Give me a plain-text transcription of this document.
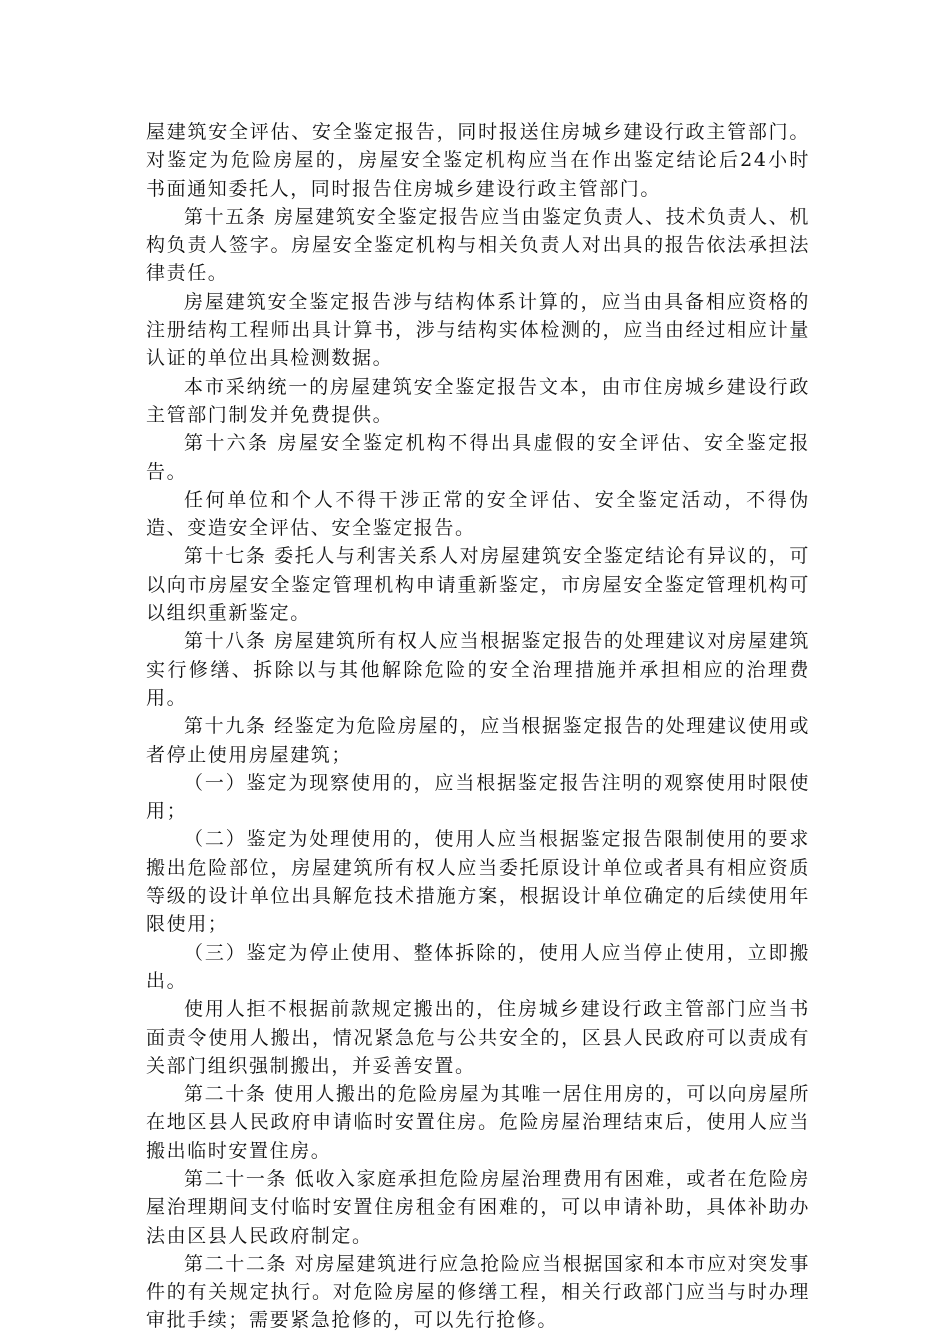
屋建筑安全评估、安全鉴定报告，同时报送住房城乡建设行政主管部门。对鉴定为危险房屋的，房屋安全鉴定机构应当在作出鉴定结论后24小时书面通知委托人，同时报告住房城乡建设行政主管部门。

第十五条 房屋建筑安全鉴定报告应当由鉴定负责人、技术负责人、机构负责人签字。房屋安全鉴定机构与相关负责人对出具的报告依法承担法律责任。

房屋建筑安全鉴定报告涉与结构体系计算的，应当由具备相应资格的注册结构工程师出具计算书，涉与结构实体检测的，应当由经过相应计量认证的单位出具检测数据。

本市采纳统一的房屋建筑安全鉴定报告文本，由市住房城乡建设行政主管部门制发并免费提供。

第十六条 房屋安全鉴定机构不得出具虚假的安全评估、安全鉴定报告。

任何单位和个人不得干涉正常的安全评估、安全鉴定活动，不得伪造、变造安全评估、安全鉴定报告。

第十七条 委托人与利害关系人对房屋建筑安全鉴定结论有异议的，可以向市房屋安全鉴定管理机构申请重新鉴定，市房屋安全鉴定管理机构可以组织重新鉴定。

第十八条 房屋建筑所有权人应当根据鉴定报告的处理建议对房屋建筑实行修缮、拆除以与其他解除危险的安全治理措施并承担相应的治理费用。

第十九条 经鉴定为危险房屋的，应当根据鉴定报告的处理建议使用或者停止使用房屋建筑；

（一）鉴定为现察使用的，应当根据鉴定报告注明的观察使用时限使用；

（二）鉴定为处理使用的，使用人应当根据鉴定报告限制使用的要求搬出危险部位，房屋建筑所有权人应当委托原设计单位或者具有相应资质等级的设计单位出具解危技术措施方案，根据设计单位确定的后续使用年限使用；

（三）鉴定为停止使用、整体拆除的，使用人应当停止使用，立即搬出。

使用人拒不根据前款规定搬出的，住房城乡建设行政主管部门应当书面责令使用人搬出，情况紧急危与公共安全的，区县人民政府可以责成有关部门组织强制搬出，并妥善安置。

第二十条 使用人搬出的危险房屋为其唯一居住用房的，可以向房屋所在地区县人民政府申请临时安置住房。危险房屋治理结束后，使用人应当搬出临时安置住房。

第二十一条 低收入家庭承担危险房屋治理费用有困难，或者在危险房屋治理期间支付临时安置住房租金有困难的，可以申请补助，具体补助办法由区县人民政府制定。

第二十二条 对房屋建筑进行应急抢险应当根据国家和本市应对突发事件的有关规定执行。对危险房屋的修缮工程，相关行政部门应当与时办理审批手续；需要紧急抢修的，可以先行抢修。
